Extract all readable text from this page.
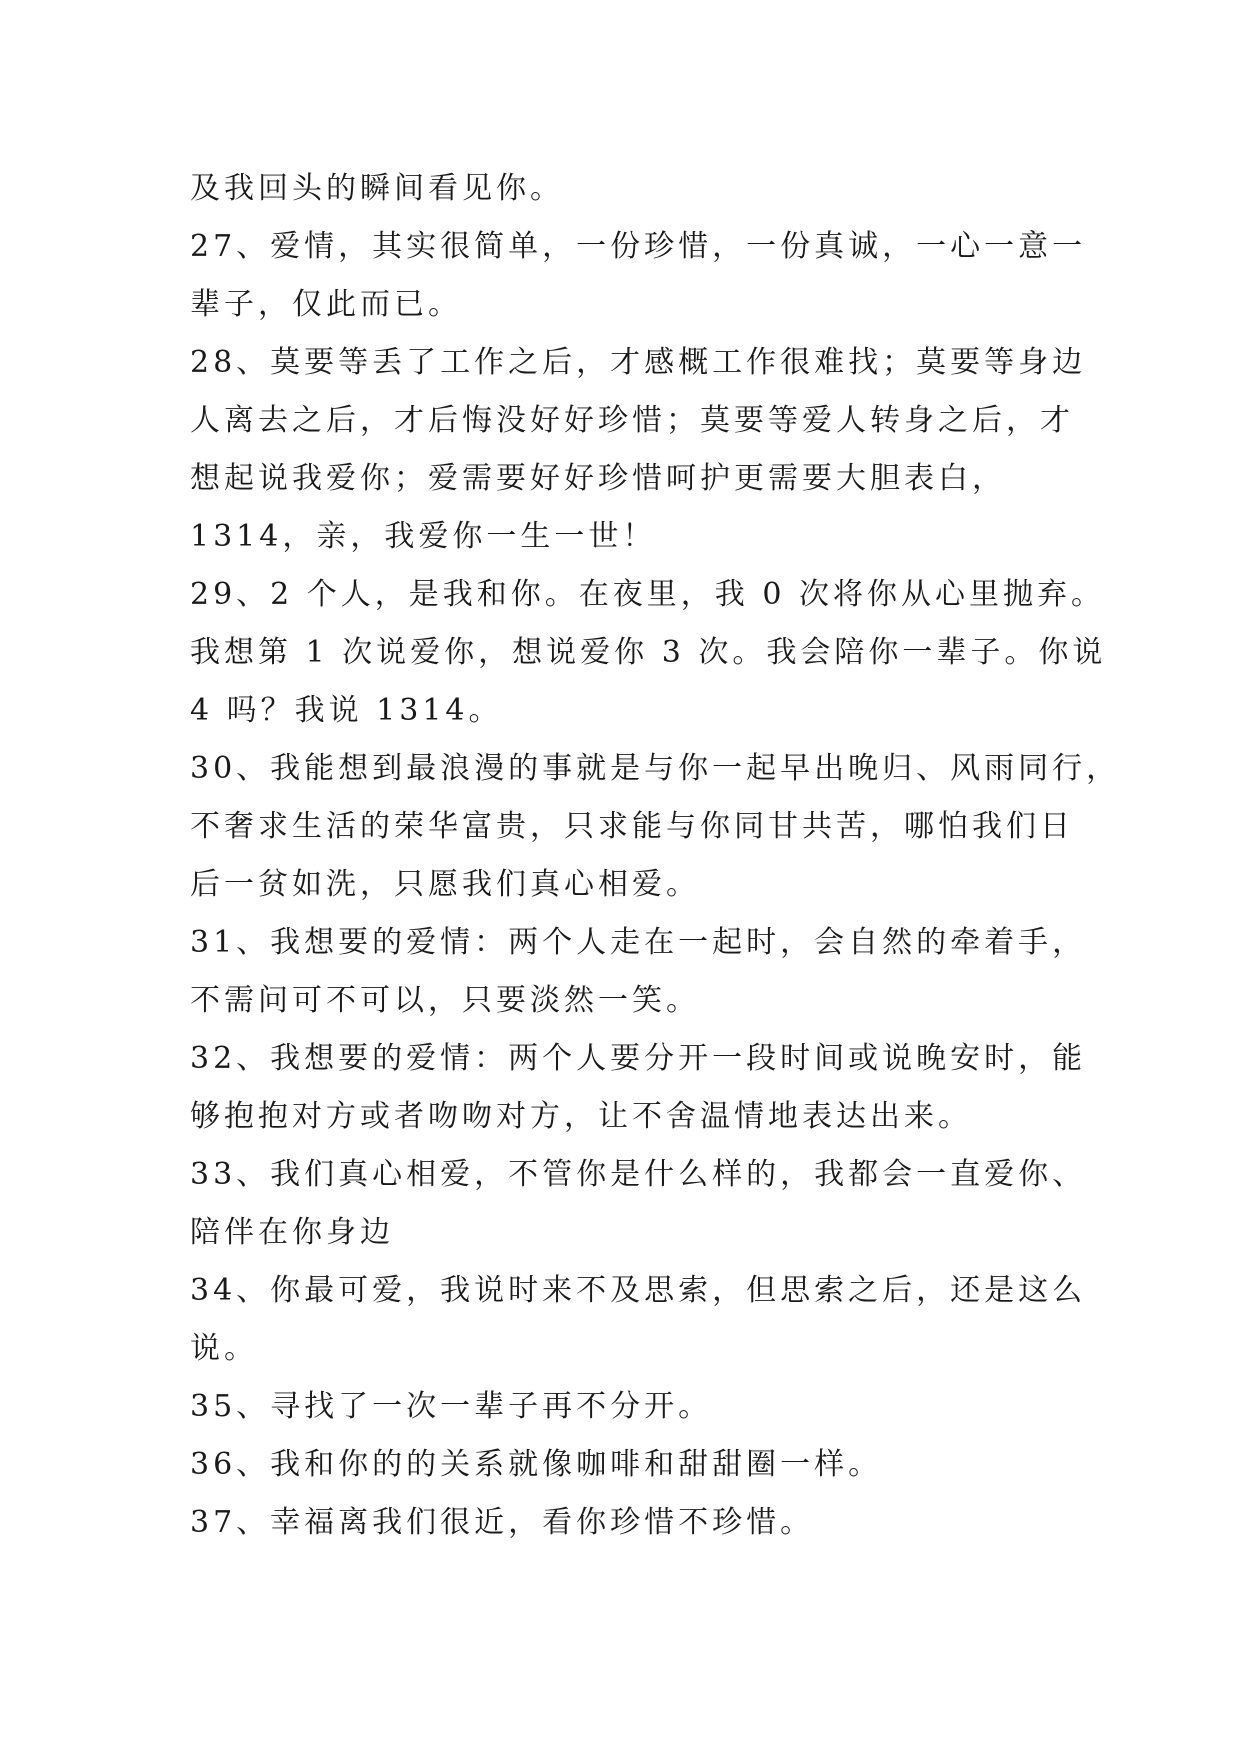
及我回头的瞬间看见你。
27、爱情，其实很简单，一份珍惜，一份真诚，一心一意一
辈子，仅此而已。
28、莫要等丢了工作之后，才感概工作很难找；莫要等身边
人离去之后，才后悔没好好珍惜；莫要等爱人转身之后，才
想起说我爱你；爱需要好好珍惜呵护更需要大胆表白，
1314，亲，我爱你一生一世！
29、2 个人，是我和你。在夜里，我 0 次将你从心里抛弃。
我想第 1 次说爱你，想说爱你 3 次。我会陪你一辈子。你说
4 吗？我说 1314。
30、我能想到最浪漫的事就是与你一起早出晚归、风雨同行，
不奢求生活的荣华富贵，只求能与你同甘共苦，哪怕我们日
后一贫如洗，只愿我们真心相爱。
31、我想要的爱情：两个人走在一起时，会自然的牵着手，
不需问可不可以，只要淡然一笑。
32、我想要的爱情：两个人要分开一段时间或说晚安时，能
够抱抱对方或者吻吻对方，让不舍温情地表达出来。
33、我们真心相爱，不管你是什么样的，我都会一直爱你、
陪伴在你身边
34、你最可爱，我说时来不及思索，但思索之后，还是这么
说。
35、寻找了一次一辈子再不分开。
36、我和你的的关系就像咖啡和甜甜圈一样。
37、幸福离我们很近，看你珍惜不珍惜。
